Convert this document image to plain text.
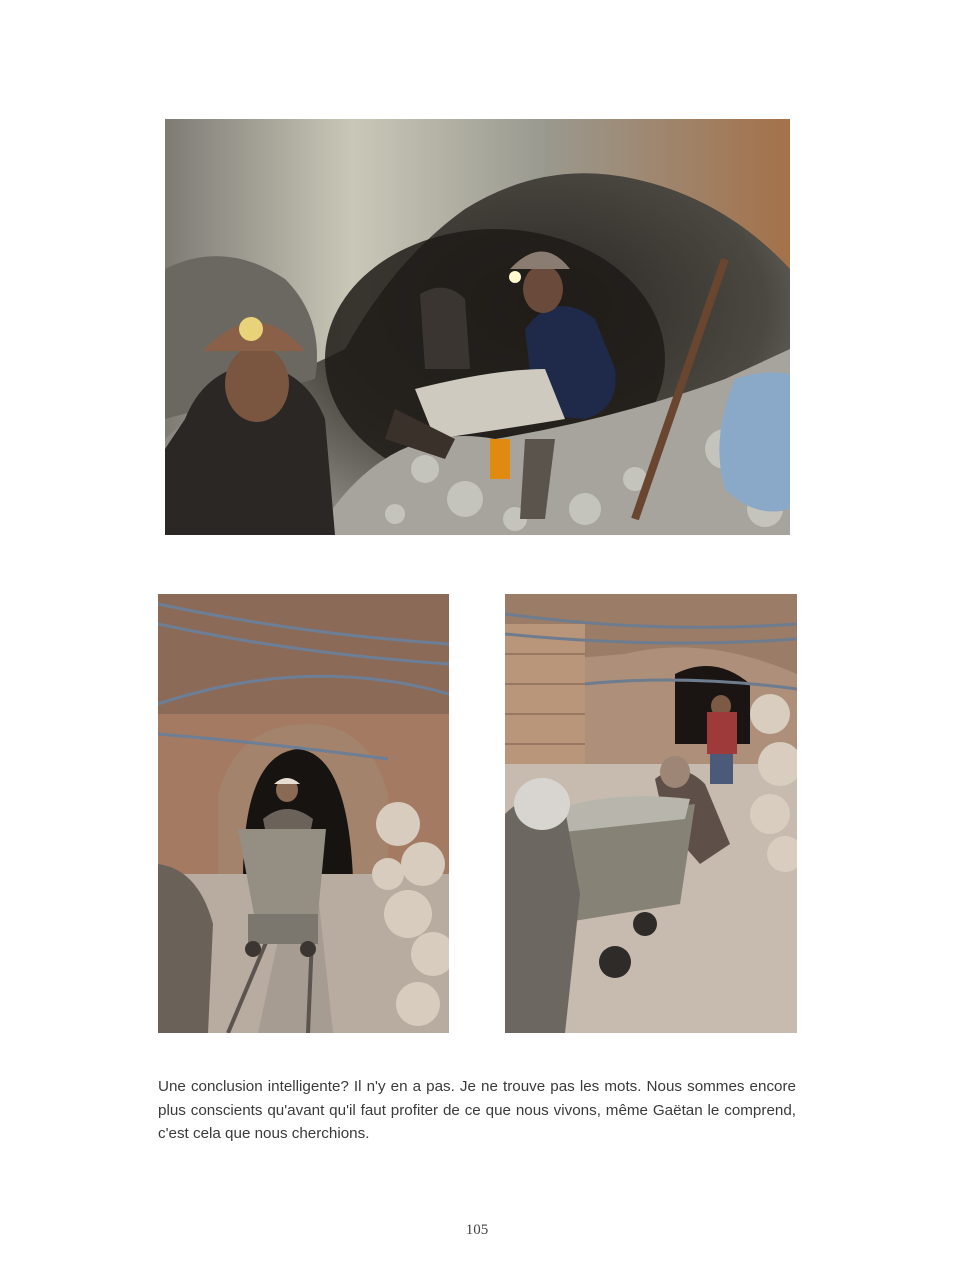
Une conclusion intelligente? Il n'y en a pas. Je ne trouve pas les mots. Nous sommes encore plus conscients qu'avant qu'il faut profiter de ce que nous vivons, même Gaëtan le comprend, c'est cela que nous cherchions.

105
